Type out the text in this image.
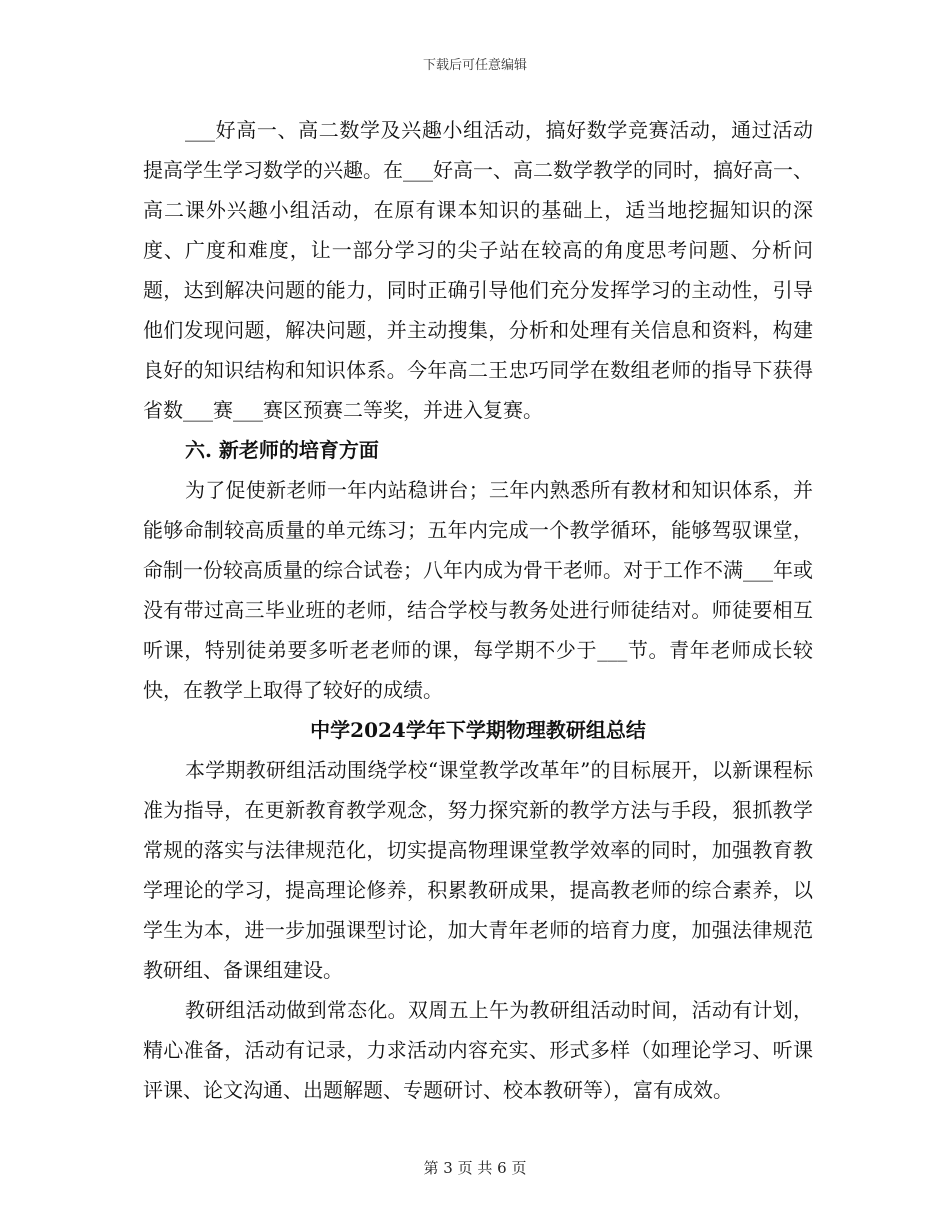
下载后可任意编辑

___好高一、高二数学及兴趣小组活动，搞好数学竞赛活动，通过活动提高学生学习数学的兴趣。在___好高一、高二数学教学的同时，搞好高一、高二课外兴趣小组活动，在原有课本知识的基础上，适当地挖掘知识的深度、广度和难度，让一部分学习的尖子站在较高的角度思考问题、分析问题，达到解决问题的能力，同时正确引导他们充分发挥学习的主动性，引导他们发现问题，解决问题，并主动搜集，分析和处理有关信息和资料，构建良好的知识结构和知识体系。今年高二王忠巧同学在数组老师的指导下获得省数___赛___赛区预赛二等奖，并进入复赛。

六. 新老师的培育方面

为了促使新老师一年内站稳讲台；三年内熟悉所有教材和知识体系，并能够命制较高质量的单元练习；五年内完成一个教学循环，能够驾驭课堂，命制一份较高质量的综合试卷；八年内成为骨干老师。对于工作不满___年或没有带过高三毕业班的老师，结合学校与教务处进行师徒结对。师徒要相互听课，特别徒弟要多听老老师的课，每学期不少于___节。青年老师成长较快，在教学上取得了较好的成绩。

中学2024学年下学期物理教研组总结

本学期教研组活动围绕学校“课堂教学改革年”的目标展开，以新课程标准为指导，在更新教育教学观念，努力探究新的教学方法与手段，狠抓教学常规的落实与法律规范化，切实提高物理课堂教学效率的同时，加强教育教学理论的学习，提高理论修养，积累教研成果，提高教老师的综合素养，以学生为本，进一步加强课型讨论，加大青年老师的培育力度，加强法律规范教研组、备课组建设。

教研组活动做到常态化。双周五上午为教研组活动时间，活动有计划，精心准备，活动有记录，力求活动内容充实、形式多样（如理论学习、听课评课、论文沟通、出题解题、专题研讨、校本教研等），富有成效。

第 3 页 共 6 页
